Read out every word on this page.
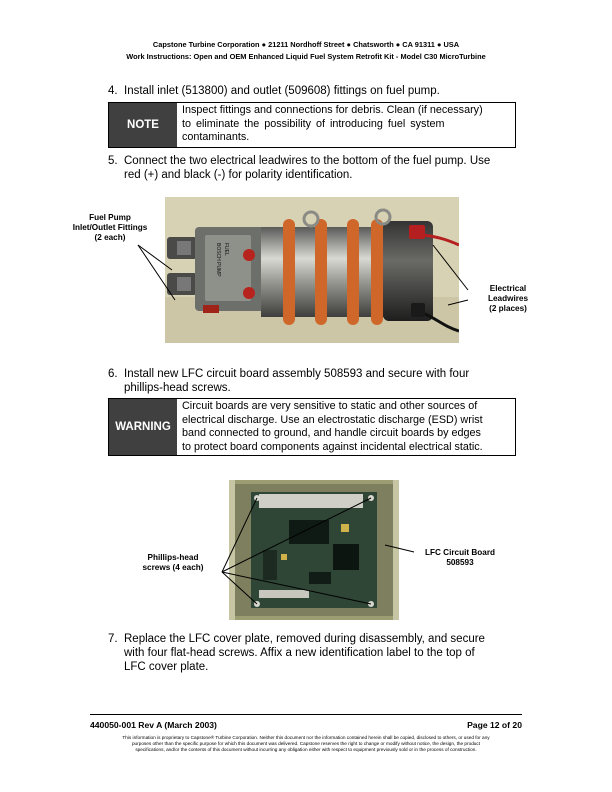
Capstone Turbine Corporation ● 21211 Nordhoff Street ● Chatsworth ● CA 91311 ● USA
Work Instructions: Open and OEM Enhanced Liquid Fuel System Retrofit Kit - Model C30 MicroTurbine
4. Install inlet (513800) and outlet (509608) fittings on fuel pump.
NOTE
Inspect fittings and connections for debris. Clean (if necessary)
to eliminate the possibility of introducing fuel system
contaminants.
5. Connect the two electrical leadwires to the bottom of the fuel pump. Use
red (+) and black (-) for polarity identification.
BOSCH PUMP FUEL
Fuel Pump
Inlet/Outlet Fittings
(2 each)
Electrical
Leadwires
(2 places)
6. Install new LFC circuit board assembly 508593 and secure with four
phillips-head screws.
WARNING
Circuit boards are very sensitive to static and other sources of
electrical discharge. Use an electrostatic discharge (ESD) wrist
band connected to ground, and handle circuit boards by edges
to protect board components against incidental electrical static.
Phillips-head
screws (4 each)
LFC Circuit Board
508593
7. Replace the LFC cover plate, removed during disassembly, and secure
with four flat-head screws. Affix a new identification label to the top of
LFC cover plate.
440050-001 Rev A (March 2003)	Page 12 of 20
This information is proprietary to Capstone® Turbine Corporation. Neither this document nor the information contained herein shall be copied, disclosed to others, or used for any
purposes other than the specific purpose for which this document was delivered. Capstone reserves the right to change or modify without notice, the design, the product
specifications, and/or the contents of this document without incurring any obligation either with respect to equipment previously sold or in the process of construction.
